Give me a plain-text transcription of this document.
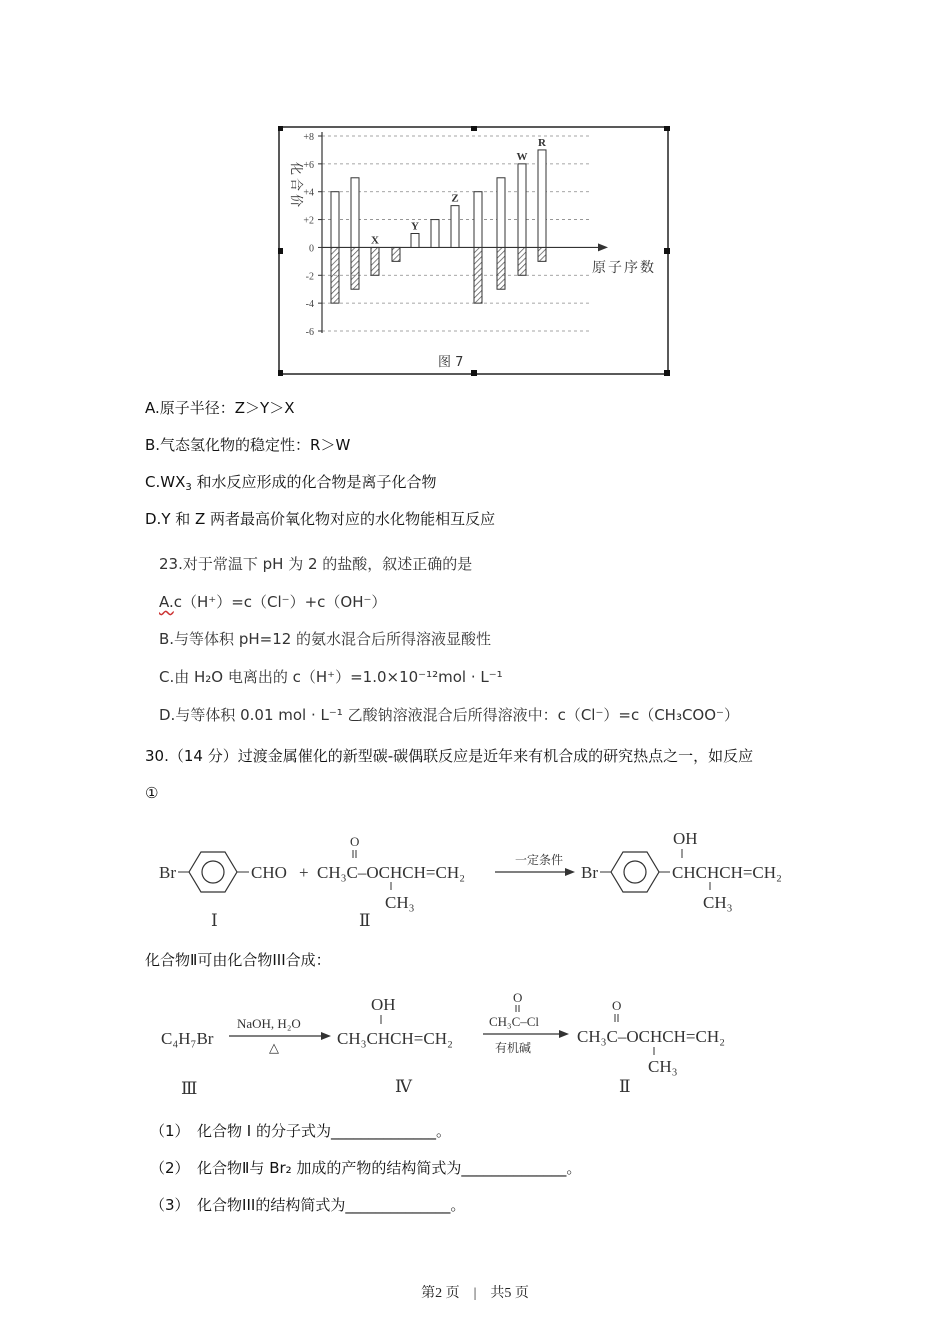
+8
+6
+4
+2
0
-2
-4
-6
X
Y
Z
W
R
化合价
原子序数
图 7
A.原子半径：Z＞Y＞X
B.气态氢化物的稳定性：R＞W
$C.WX_3$ 和水反应形成的化合物是离子化合物
D.Y 和 Z 两者最高价氧化物对应的水化物能相互反应
23.对于常温下 pH 为 2 的盐酸，叙述正确的是
A.c（H⁺）=c（Cl⁻）+c（OH⁻）
B.与等体积 pH=12 的氨水混合后所得溶液显酸性
C.由 H₂O 电离出的 c（H⁺）=1.0×10⁻¹²mol · L⁻¹
D.与等体积 0.01 mol · L⁻¹ 乙酸钠溶液混合后所得溶液中：c（Cl⁻）=c（CH₃COO⁻）
30.（14 分）过渡金属催化的新型碳-碳偶联反应是近年来有机合成的研究热点之一，如反应
①
Br	CHO +
O
CH₃C–OCHCH=CH₂
CH₃
一定条件
Br
OH
CHCHCH=CH₂
CH₃
Ⅰ	Ⅱ
化合物Ⅱ可由化合物III合成：
C₄H₇Br
NaOH, H₂O
△
OH
CH₃CHCH=CH₂
O
CH₃C–Cl
有机碱
O
CH₃C–OCHCH=CH₂
CH₃
Ⅲ	Ⅳ	Ⅱ
（1）　化合物 I 的分子式为______________。
（2）　化合物Ⅱ与 Br₂ 加成的产物的结构简式为______________。
（3）　化合物III的结构简式为______________。
第2 页　|　共5 页
